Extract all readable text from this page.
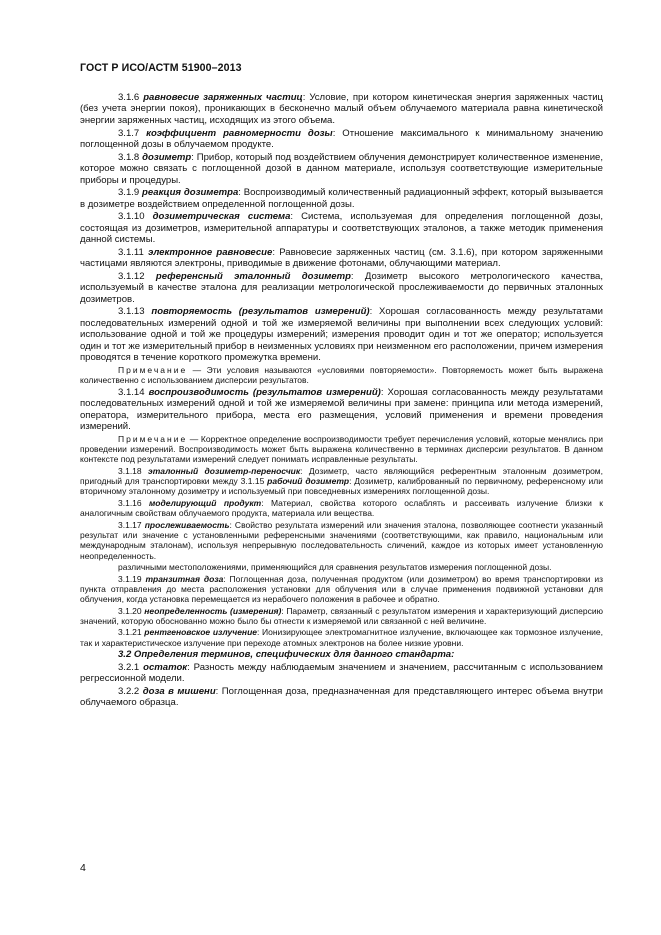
ГОСТ Р ИСО/АСТМ 51900–2013
3.1.6 равновесие заряженных частиц: Условие, при котором кинетическая энергия заряженных частиц (без учета энергии покоя), проникающих в бесконечно малый объем облучаемого материала равна кинетической энергии заряженных частиц, исходящих из этого объема.
3.1.7 коэффициент равномерности дозы: Отношение максимального к минимальному значению поглощенной дозы в облучаемом продукте.
3.1.8 дозиметр: Прибор, который под воздействием облучения демонстрирует количественное изменение, которое можно связать с поглощенной дозой в данном материале, используя соответствующие измерительные приборы и процедуры.
3.1.9 реакция дозиметра: Воспроизводимый количественный радиационный эффект, который вызывается в дозиметре воздействием определенной поглощенной дозы.
3.1.10 дозиметрическая система: Система, используемая для определения поглощенной дозы, состоящая из дозиметров, измерительной аппаратуры и соответствующих эталонов, а также методик применения данной системы.
3.1.11 электронное равновесие: Равновесие заряженных частиц (см. 3.1.6), при котором заряженными частицами являются электроны, приводимые в движение фотонами, облучающими материал.
3.1.12 референсный эталонный дозиметр: Дозиметр высокого метрологического качества, используемый в качестве эталона для реализации метрологической прослеживаемости до первичных эталонных дозиметров.
3.1.13 повторяемость (результатов измерений): Хорошая согласованность между результатами последовательных измерений одной и той же измеряемой величины при выполнении всех следующих условий: использование одной и той же процедуры измерений; измерения проводит один и тот же оператор; используется один и тот же измерительный прибор в неизменных условиях при неизменном его расположении, причем измерения проводятся в течение короткого промежутка времени.
Примечание — Эти условия называются «условиями повторяемости». Повторяемость может быть выражена количественно с использованием дисперсии результатов.
3.1.14 воспроизводимость (результатов измерений): Хорошая согласованность между результатами последовательных измерений одной и той же измеряемой величины при замене: принципа или метода измерений, оператора, измерительного прибора, места его размещения, условий применения и времени проведения измерений.
Примечание — Корректное определение воспроизводимости требует перечисления условий, которые менялись при проведении измерений. Воспроизводимость может быть выражена количественно в терминах дисперсии результатов. В данном контексте под результатами измерений следует понимать исправленные результаты.
3.1.18 эталонный дозиметр-переносчик: Дозиметр, часто являющийся референтным эталонным дозиметром, пригодный для транспортировки между 3.1.15 рабочий дозиметр: Дозиметр, калиброванный по первичному, референсному или вторичному эталонному дозиметру и используемый при повседневных измерениях поглощенной дозы.
3.1.16 моделирующий продукт: Материал, свойства которого ослаблять и рассеивать излучение близки к аналогичным свойствам облучаемого продукта, материала или вещества.
3.1.17 прослеживаемость: Свойство результата измерений или значения эталона, позволяющее соотнести указанный результат или значение с установленными референсными значениями (соответствующими, как правило, национальным или международным эталонам), используя непрерывную последовательность сличений, каждое из которых имеет установленную неопределенность.
различными местоположениями, применяющийся для сравнения результатов измерения поглощенной дозы.
3.1.19 транзитная доза: Поглощенная доза, полученная продуктом (или дозиметром) во время транспортировки из пункта отправления до места расположения установки для облучения или в случае применения подвижной установки для облучения, когда установка перемещается из нерабочего положения в рабочее и обратно.
3.1.20 неопределенность (измерения): Параметр, связанный с результатом измерения и характеризующий дисперсию значений, которую обоснованно можно было бы отнести к измеряемой или связанной с ней величине.
3.1.21 рентгеновское излучение: Ионизирующее электромагнитное излучение, включающее как тормозное излучение, так и характеристическое излучение при переходе атомных электронов на более низкие уровни.
3.2 Определения терминов, специфических для данного стандарта:
3.2.1 остаток: Разность между наблюдаемым значением и значением, рассчитанным с использованием регрессионной модели.
3.2.2 доза в мишени: Поглощенная доза, предназначенная для представляющего интерес объема внутри облучаемого образца.
4
